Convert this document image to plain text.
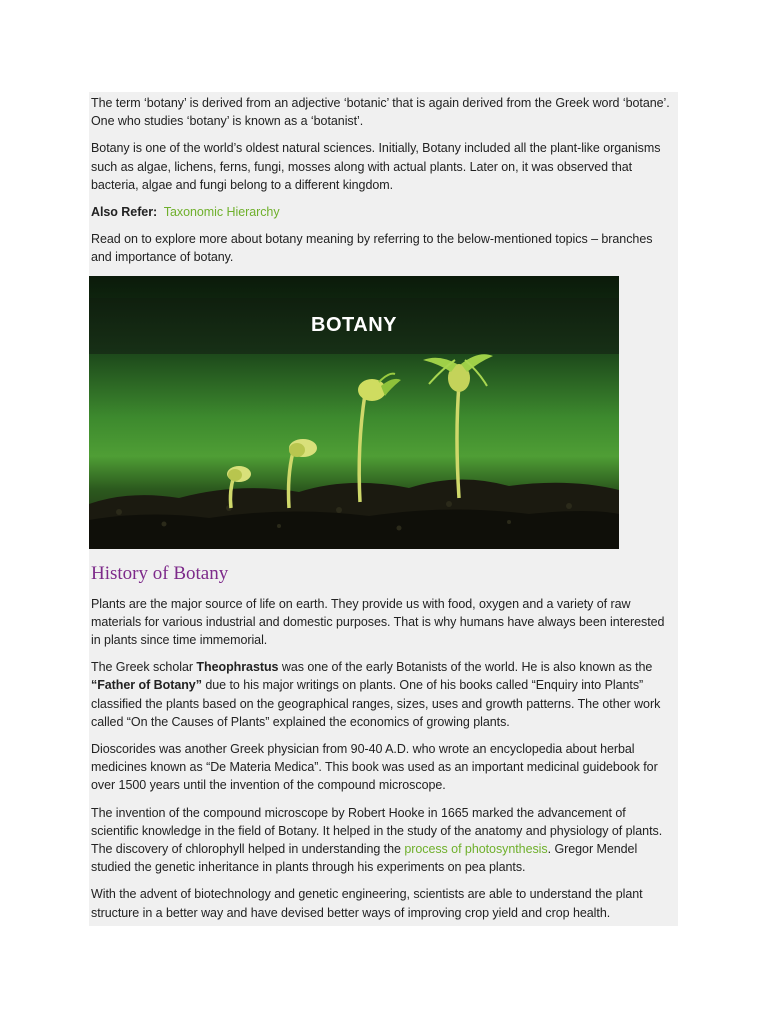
The term ‘botany’ is derived from an adjective ‘botanic’ that is again derived from the Greek word ‘botane’. One who studies ‘botany’ is known as a ‘botanist’.

Botany is one of the world’s oldest natural sciences. Initially, Botany included all the plant-like organisms such as algae, lichens, ferns, fungi, mosses along with actual plants. Later on, it was observed that bacteria, algae and fungi belong to a different kingdom.

Also Refer: Taxonomic Hierarchy

Read on to explore more about botany meaning by referring to the below-mentioned topics – branches and importance of botany.

BOTANY
History of Botany

Plants are the major source of life on earth. They provide us with food, oxygen and a variety of raw materials for various industrial and domestic purposes. That is why humans have always been interested in plants since time immemorial.

The Greek scholar Theophrastus was one of the early Botanists of the world. He is also known as the “Father of Botany” due to his major writings on plants. One of his books called “Enquiry into Plants” classified the plants based on the geographical ranges, sizes, uses and growth patterns. The other work called “On the Causes of Plants” explained the economics of growing plants.

Dioscorides was another Greek physician from 90-40 A.D. who wrote an encyclopedia about herbal medicines known as “De Materia Medica”. This book was used as an important medicinal guidebook for over 1500 years until the invention of the compound microscope.

The invention of the compound microscope by Robert Hooke in 1665 marked the advancement of scientific knowledge in the field of Botany. It helped in the study of the anatomy and physiology of plants. The discovery of chlorophyll helped in understanding the process of photosynthesis. Gregor Mendel studied the genetic inheritance in plants through his experiments on pea plants.

With the advent of biotechnology and genetic engineering, scientists are able to understand the plant structure in a better way and have devised better ways of improving crop yield and crop health.
